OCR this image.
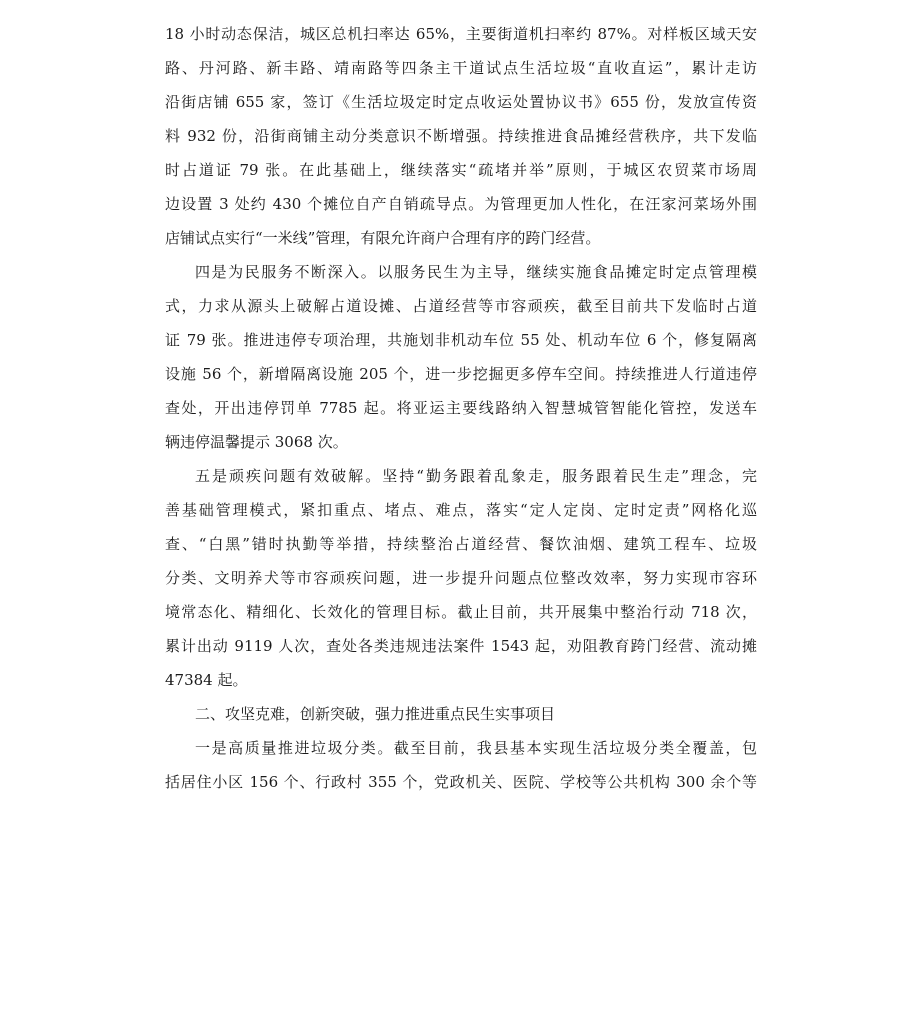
18 小时动态保洁，城区总机扫率达 65%，主要街道机扫率约 87%。对样板区域天安
路、丹河路、新丰路、靖南路等四条主干道试点生活垃圾“直收直运”，累计走访
沿街店铺 655 家，签订《生活垃圾定时定点收运处置协议书》655 份，发放宣传资
料 932 份，沿街商铺主动分类意识不断增强。持续推进食品摊经营秩序，共下发临
时占道证 79 张。在此基础上，继续落实“疏堵并举”原则，于城区农贸菜市场周
边设置 3 处约 430 个摊位自产自销疏导点。为管理更加人性化，在汪家河菜场外围
店铺试点实行“一米线”管理，有限允许商户合理有序的跨门经营。
四是为民服务不断深入。以服务民生为主导，继续实施食品摊定时定点管理模
式，力求从源头上破解占道设摊、占道经营等市容顽疾，截至目前共下发临时占道
证 79 张。推进违停专项治理，共施划非机动车位 55 处、机动车位 6 个，修复隔离
设施 56 个，新增隔离设施 205 个，进一步挖掘更多停车空间。持续推进人行道违停
查处，开出违停罚单 7785 起。将亚运主要线路纳入智慧城管智能化管控，发送车
辆违停温馨提示 3068 次。
五是顽疾问题有效破解。坚持“勤务跟着乱象走，服务跟着民生走”理念，完
善基础管理模式，紧扣重点、堵点、难点，落实“定人定岗、定时定责”网格化巡
查、“白黑”错时执勤等举措，持续整治占道经营、餐饮油烟、建筑工程车、垃圾
分类、文明养犬等市容顽疾问题，进一步提升问题点位整改效率，努力实现市容环
境常态化、精细化、长效化的管理目标。截止目前，共开展集中整治行动 718 次，
累计出动 9119 人次，查处各类违规违法案件 1543 起，劝阻教育跨门经营、流动摊
47384 起。
二、攻坚克难，创新突破，强力推进重点民生实事项目
一是高质量推进垃圾分类。截至目前，我县基本实现生活垃圾分类全覆盖，包
括居住小区 156 个、行政村 355 个，党政机关、医院、学校等公共机构 300 余个等
